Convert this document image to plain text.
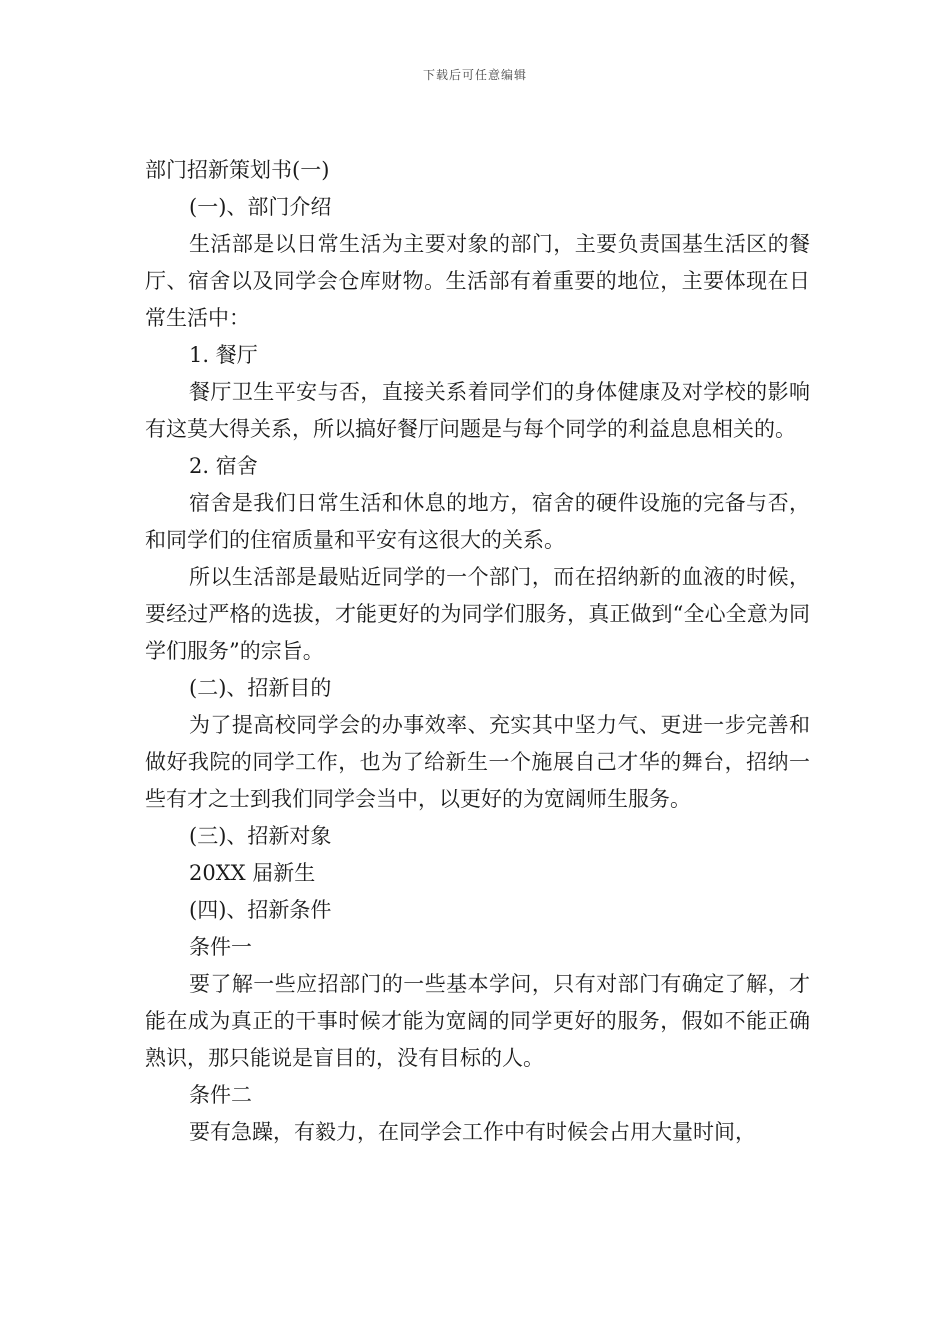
下载后可任意编辑

部门招新策划书(一)

(一)、部门介绍

生活部是以日常生活为主要对象的部门，主要负责国基生活区的餐厅、宿舍以及同学会仓库财物。生活部有着重要的地位，主要体现在日常生活中：

1. 餐厅

餐厅卫生平安与否，直接关系着同学们的身体健康及对学校的影响有这莫大得关系，所以搞好餐厅问题是与每个同学的利益息息相关的。

2. 宿舍

宿舍是我们日常生活和休息的地方，宿舍的硬件设施的完备与否，和同学们的住宿质量和平安有这很大的关系。

所以生活部是最贴近同学的一个部门，而在招纳新的血液的时候，要经过严格的选拔，才能更好的为同学们服务，真正做到“全心全意为同学们服务”的宗旨。

(二)、招新目的

为了提高校同学会的办事效率、充实其中坚力气、更进一步完善和做好我院的同学工作，也为了给新生一个施展自己才华的舞台，招纳一些有才之士到我们同学会当中，以更好的为宽阔师生服务。

(三)、招新对象

20XX 届新生

(四)、招新条件

条件一

要了解一些应招部门的一些基本学问，只有对部门有确定了解，才能在成为真正的干事时候才能为宽阔的同学更好的服务，假如不能正确熟识，那只能说是盲目的，没有目标的人。

条件二

要有急躁，有毅力，在同学会工作中有时候会占用大量时间，
